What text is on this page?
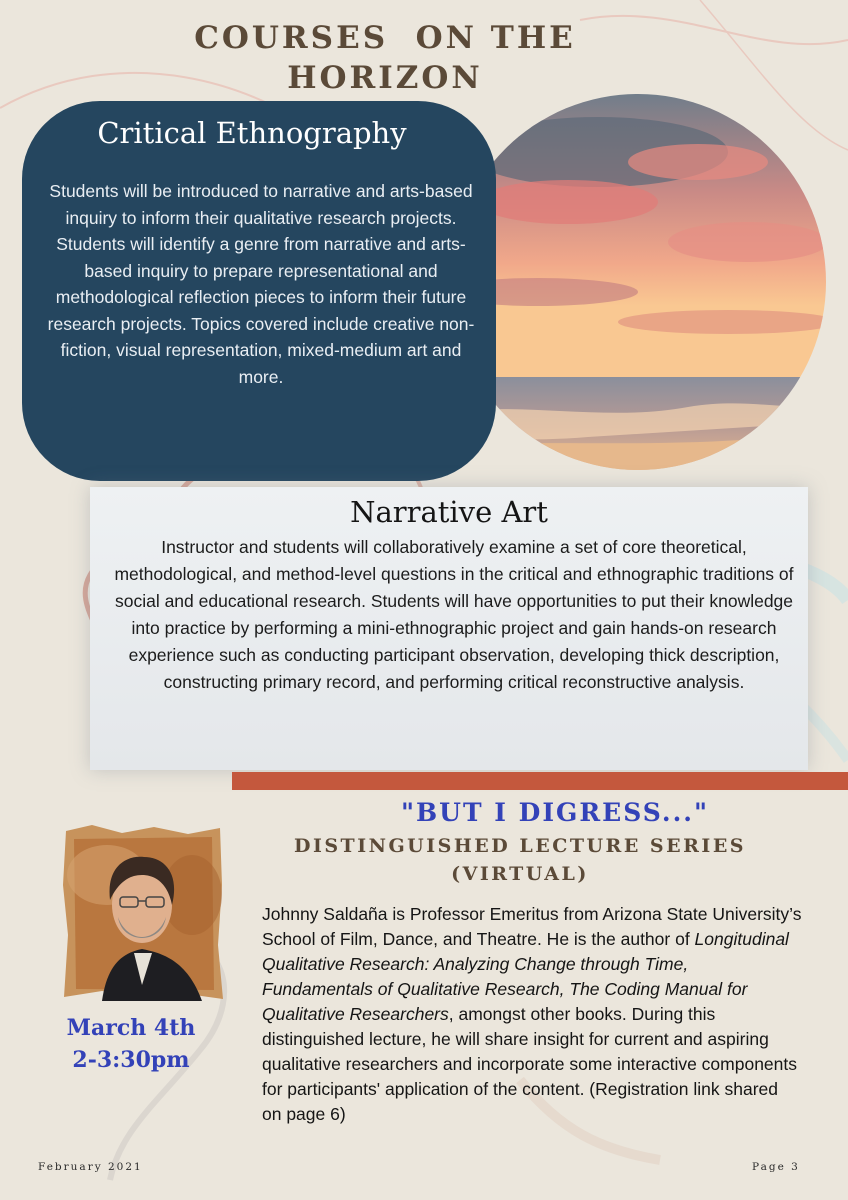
COURSES  ON THE
HORIZON
Critical Ethnography
Students will be introduced to narrative and arts-based inquiry to inform their qualitative research projects. Students will identify a genre from narrative and arts-based inquiry to prepare representational and methodological reflection pieces to inform their future research projects. Topics covered include creative non-fiction, visual representation, mixed-medium art and more.
Narrative Art
Instructor and students will collaboratively examine a set of core theoretical, methodological, and method-level questions in the critical and ethnographic traditions of social and educational research. Students will have opportunities to put their knowledge into practice by performing a mini-ethnographic project and gain hands-on research experience such as conducting participant observation, developing thick description, constructing primary record, and performing critical reconstructive analysis.
"BUT I DIGRESS..."
DISTINGUISHED LECTURE SERIES
(VIRTUAL)
March 4th
2-3:30pm
Johnny Saldaña is Professor Emeritus from Arizona State University’s School of Film, Dance, and Theatre. He is the author of Longitudinal Qualitative Research: Analyzing Change through Time, Fundamentals of Qualitative Research, The Coding Manual for Qualitative Researchers, amongst other books. During this distinguished lecture, he will share insight for current and aspiring qualitative researchers and incorporate some interactive components for participants' application of the content. (Registration link shared on page 6)
February 2021	Page 3
